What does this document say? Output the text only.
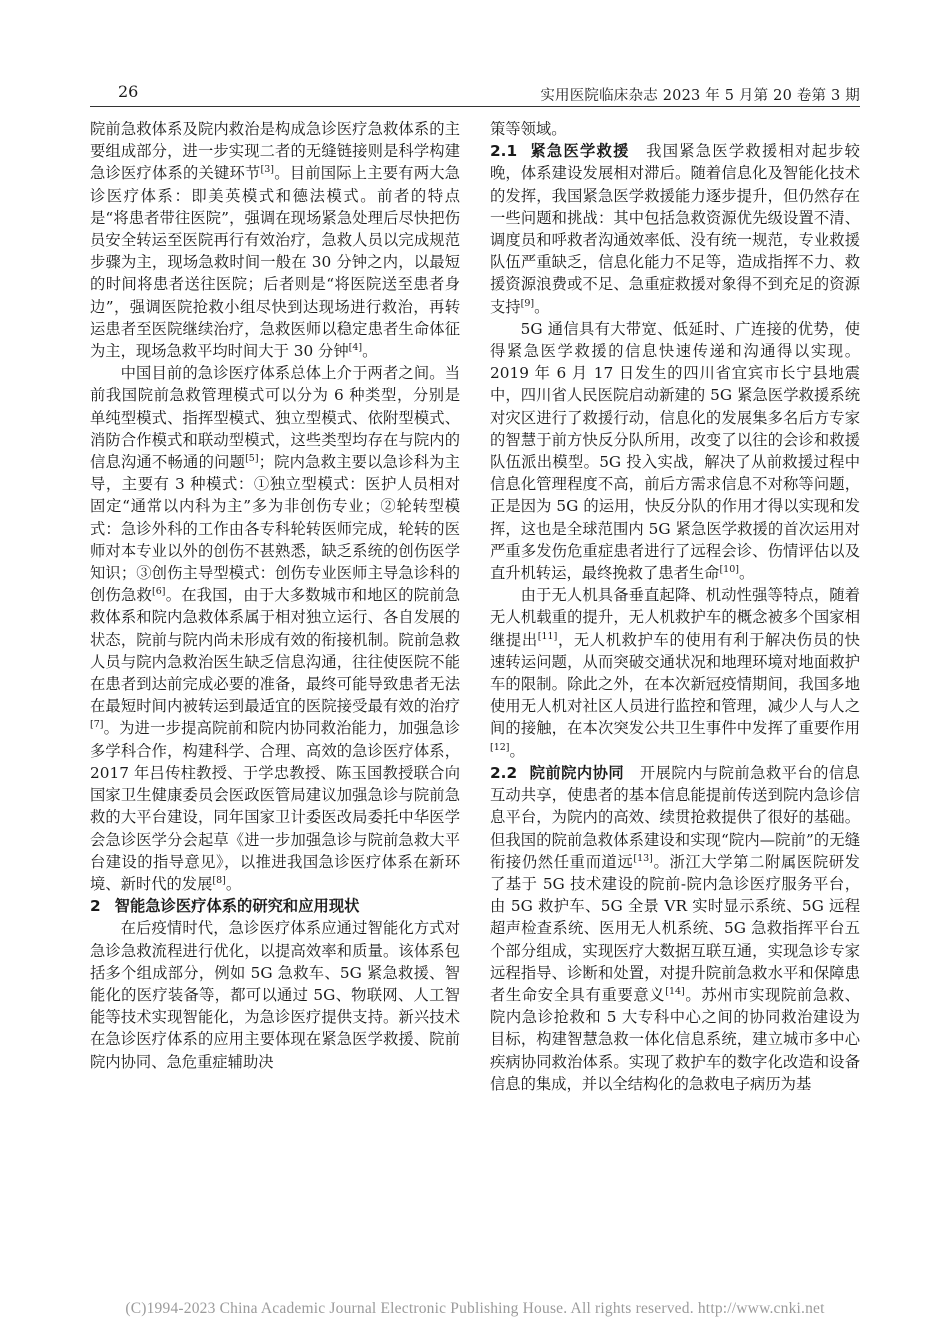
26	实用医院临床杂志 2023 年 5 月第 20 卷第 3 期

院前急救体系及院内救治是构成急诊医疗急救体系的主要组成部分，进一步实现二者的无缝链接则是科学构建急诊医疗体系的关键环节[3]。目前国际上主要有两大急诊医疗体系：即美英模式和德法模式。前者的特点是“将患者带往医院”，强调在现场紧急处理后尽快把伤员安全转运至医院再行有效治疗，急救人员以完成规范步骤为主，现场急救时间一般在 30 分钟之内，以最短的时间将患者送往医院；后者则是“将医院送至患者身边”，强调医院抢救小组尽快到达现场进行救治，再转运患者至医院继续治疗，急救医师以稳定患者生命体征为主，现场急救平均时间大于 30 分钟[4]。

中国目前的急诊医疗体系总体上介于两者之间。当前我国院前急救管理模式可以分为 6 种类型，分别是单纯型模式、指挥型模式、独立型模式、依附型模式、消防合作模式和联动型模式，这些类型均存在与院内的信息沟通不畅通的问题[5]；院内急救主要以急诊科为主导，主要有 3 种模式：①独立型模式：医护人员相对固定“通常以内科为主”多为非创伤专业；②轮转型模式：急诊外科的工作由各专科轮转医师完成，轮转的医师对本专业以外的创伤不甚熟悉，缺乏系统的创伤医学知识；③创伤主导型模式：创伤专业医师主导急诊科的创伤急救[6]。在我国，由于大多数城市和地区的院前急救体系和院内急救体系属于相对独立运行、各自发展的状态，院前与院内尚未形成有效的衔接机制。院前急救人员与院内急救治医生缺乏信息沟通，往往使医院不能在患者到达前完成必要的准备，最终可能导致患者无法在最短时间内被转运到最适宜的医院接受最有效的治疗[7]。为进一步提高院前和院内协同救治能力，加强急诊多学科合作，构建科学、合理、高效的急诊医疗体系，2017 年吕传柱教授、于学忠教授、陈玉国教授联合向国家卫生健康委员会医政医管局建议加强急诊与院前急救的大平台建设，同年国家卫计委医改局委托中华医学会急诊医学分会起草《进一步加强急诊与院前急救大平台建设的指导意见》，以推进我国急诊医疗体系在新环境、新时代的发展[8]。

2 智能急诊医疗体系的研究和应用现状

在后疫情时代，急诊医疗体系应通过智能化方式对急诊急救流程进行优化，以提高效率和质量。该体系包括多个组成部分，例如 5G 急救车、5G 紧急救援、智能化的医疗装备等，都可以通过 5G、物联网、人工智能等技术实现智能化，为急诊医疗提供支持。新兴技术在急诊医疗体系的应用主要体现在紧急医学救援、院前院内协同、急危重症辅助决

策等领域。

2.1 紧急医学救援　 我国紧急医学救援相对起步较晚，体系建设发展相对滞后。随着信息化及智能化技术的发挥，我国紧急医学救援能力逐步提升，但仍然存在一些问题和挑战：其中包括急救资源优先级设置不清、调度员和呼救者沟通效率低、没有统一规范，专业救援队伍严重缺乏，信息化能力不足等，造成指挥不力、救援资源浪费或不足、急重症救援对象得不到充足的资源支持[9]。

5G 通信具有大带宽、低延时、广连接的优势，使得紧急医学救援的信息快速传递和沟通得以实现。2019 年 6 月 17 日发生的四川省宜宾市长宁县地震中，四川省人民医院启动新建的 5G 紧急医学救援系统对灾区进行了救援行动，信息化的发展集多名后方专家的智慧于前方快反分队所用，改变了以往的会诊和救援队伍派出模型。5G 投入实战，解决了从前救援过程中信息化管理程度不高，前后方需求信息不对称等问题，正是因为 5G 的运用，快反分队的作用才得以实现和发挥，这也是全球范围内 5G 紧急医学救援的首次运用对严重多发伤危重症患者进行了远程会诊、伤情评估以及直升机转运，最终挽救了患者生命[10]。

由于无人机具备垂直起降、机动性强等特点，随着无人机载重的提升，无人机救护车的概念被多个国家相继提出[11]，无人机救护车的使用有利于解决伤员的快速转运问题，从而突破交通状况和地理环境对地面救护车的限制。除此之外，在本次新冠疫情期间，我国多地使用无人机对社区人员进行监控和管理，减少人与人之间的接触，在本次突发公共卫生事件中发挥了重要作用[12]。

2.2 院前院内协同　 开展院内与院前急救平台的信息互动共享，使患者的基本信息能提前传送到院内急诊信息平台，为院内的高效、续贯抢救提供了很好的基础。但我国的院前急救体系建设和实现“院内—院前”的无缝衔接仍然任重而道远[13]。浙江大学第二附属医院研发了基于 5G 技术建设的院前-院内急诊医疗服务平台，由 5G 救护车、5G 全景 VR 实时显示系统、5G 远程超声检查系统、医用无人机系统、5G 急救指挥平台五个部分组成，实现医疗大数据互联互通，实现急诊专家远程指导、诊断和处置，对提升院前急救水平和保障患者生命安全具有重要意义[14]。苏州市实现院前急救、院内急诊抢救和 5 大专科中心之间的协同救治建设为目标，构建智慧急救一体化信息系统，建立城市多中心疾病协同救治体系。实现了救护车的数字化改造和设备信息的集成，并以全结构化的急救电子病历为基

(C)1994-2023 China Academic Journal Electronic Publishing House. All rights reserved. http://www.cnki.net
